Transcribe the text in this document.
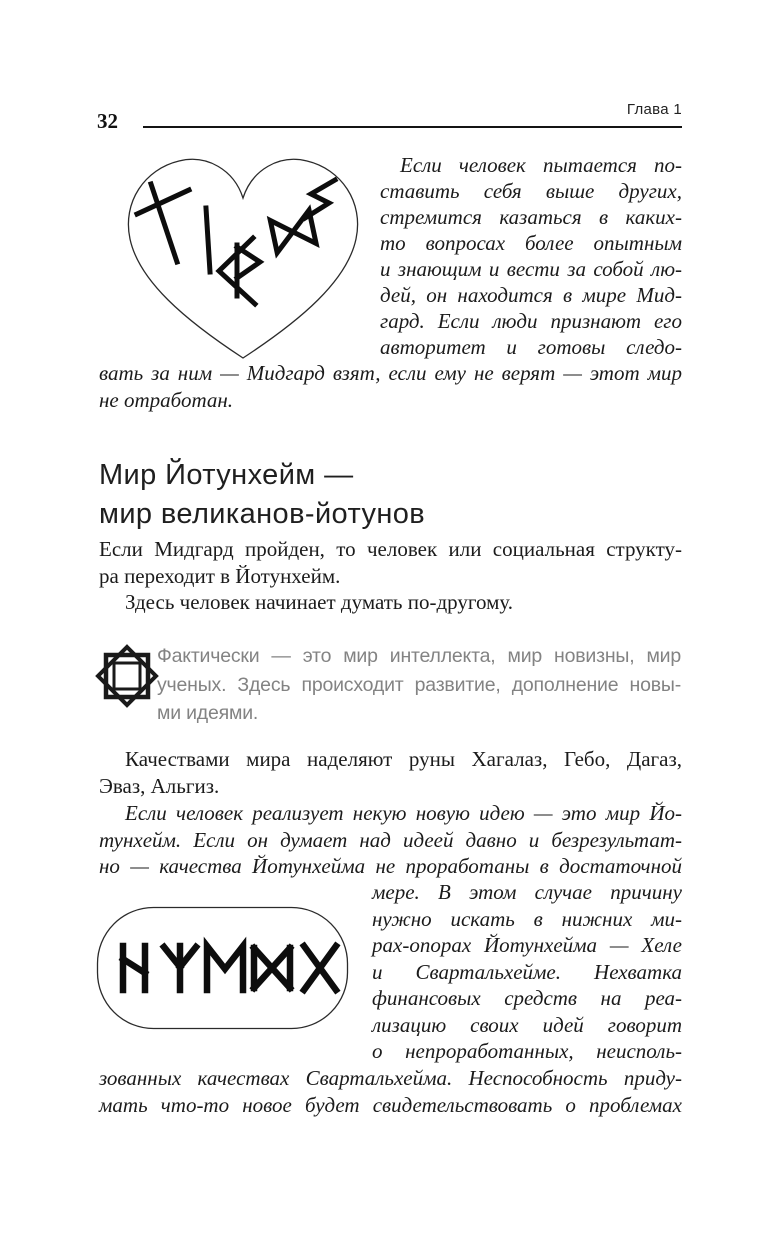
Глава 1
32
Если человек пытается по-
ставить себя выше других,
стремится казаться в каких-
то вопросах более опытным
и знающим и вести за собой лю-
дей, он находится в мире Мид-
гард. Если люди признают его
авторитет и готовы следо-
вать за ним — Мидгард взят, если ему не верят — этот мир
не отработан.
Мир Йотунхейм —
мир великанов-йотунов
Если Мидгард пройден, то человек или социальная структу-
ра переходит в Йотунхейм.
Здесь человек начинает думать по-другому.
Фактически — это мир интеллекта, мир новизны, мир
ученых. Здесь происходит развитие, дополнение новы-
ми идеями.
Качествами мира наделяют руны Хагалаз, Гебо, Дагаз,
Эваз, Альгиз.
Если человек реализует некую новую идею — это мир Йо-
тунхейм. Если он думает над идеей давно и безрезультат-
но — качества Йотунхейма не проработаны в достаточной
мере. В этом случае причину
нужно искать в нижних ми-
рах-опорах Йотунхейма — Хеле
и Свартальхейме. Нехватка
финансовых средств на реа-
лизацию своих идей говорит
о непроработанных, неисполь-
зованных качествах Свартальхейма. Неспособность приду-
мать что-то новое будет свидетельствовать о проблемах
